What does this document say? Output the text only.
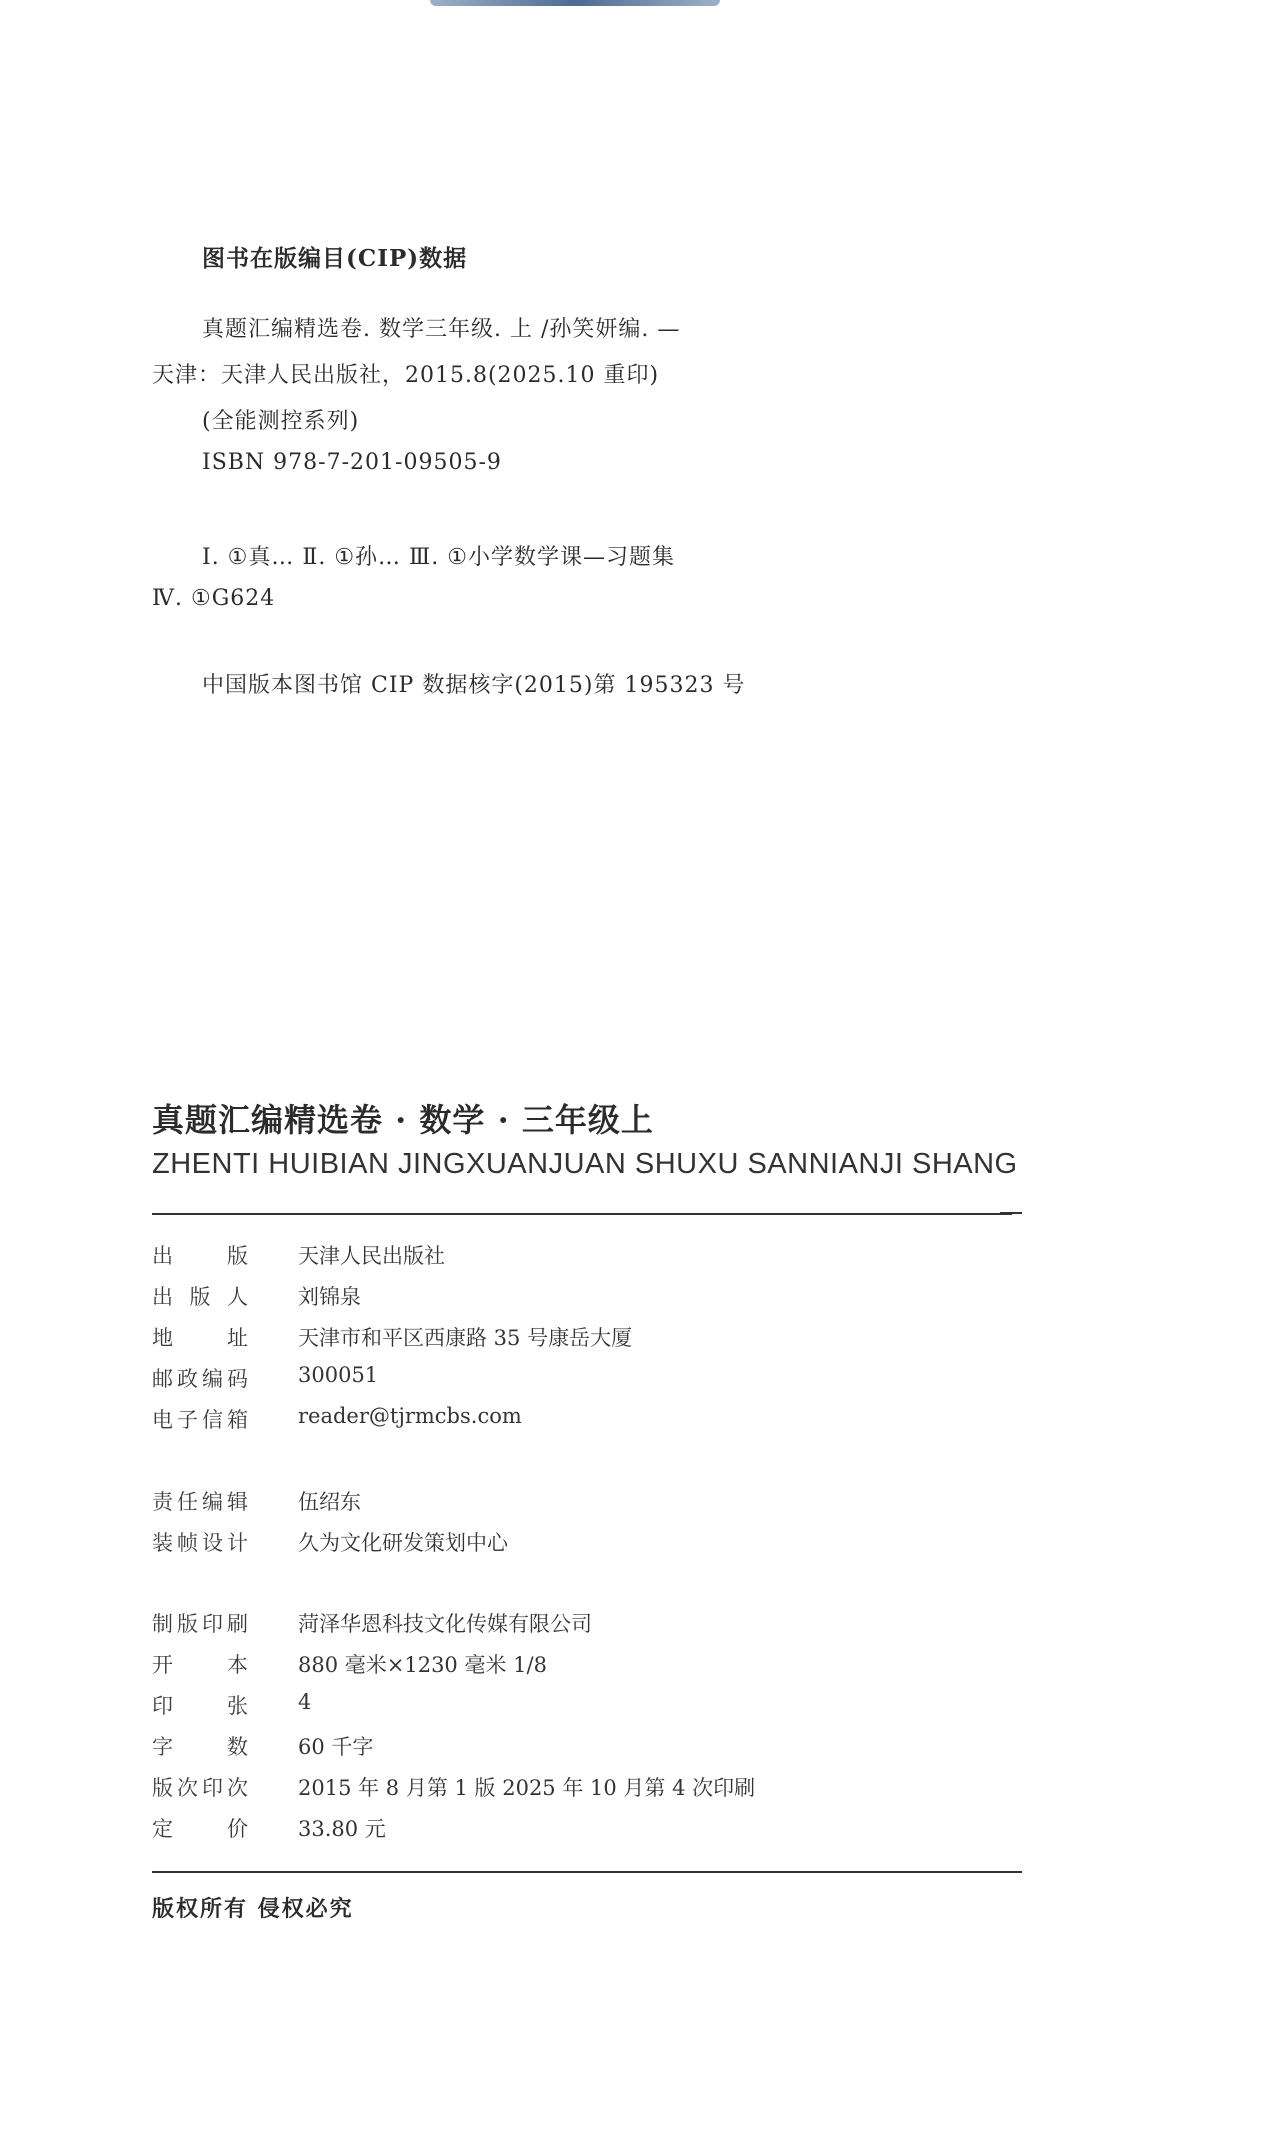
图书在版编目(CIP)数据
真题汇编精选卷. 数学三年级. 上 /孙笑妍编. —
天津：天津人民出版社，2015.8(2025.10 重印)
(全能测控系列)
ISBN 978-7-201-09505-9
Ⅰ. ①真… Ⅱ. ①孙… Ⅲ. ①小学数学课—习题集
Ⅳ. ①G624
中国版本图书馆 CIP 数据核字(2015)第 195323 号
真题汇编精选卷 · 数学 · 三年级上
ZHENTI HUIBIAN JINGXUANJUAN SHUXU SANNIANJI SHANG
出版 天津人民出版社
出版人 刘锦泉
地址 天津市和平区西康路 35 号康岳大厦
邮政编码 300051
电子信箱 reader@tjrmcbs.com
责任编辑 伍绍东
装帧设计 久为文化研发策划中心
制版印刷 菏泽华恩科技文化传媒有限公司
开本 880 毫米×1230 毫米 1/8
印张 4
字数 60 千字
版次印次 2015 年 8 月第 1 版 2025 年 10 月第 4 次印刷
定价 33.80 元
版权所有 侵权必究
